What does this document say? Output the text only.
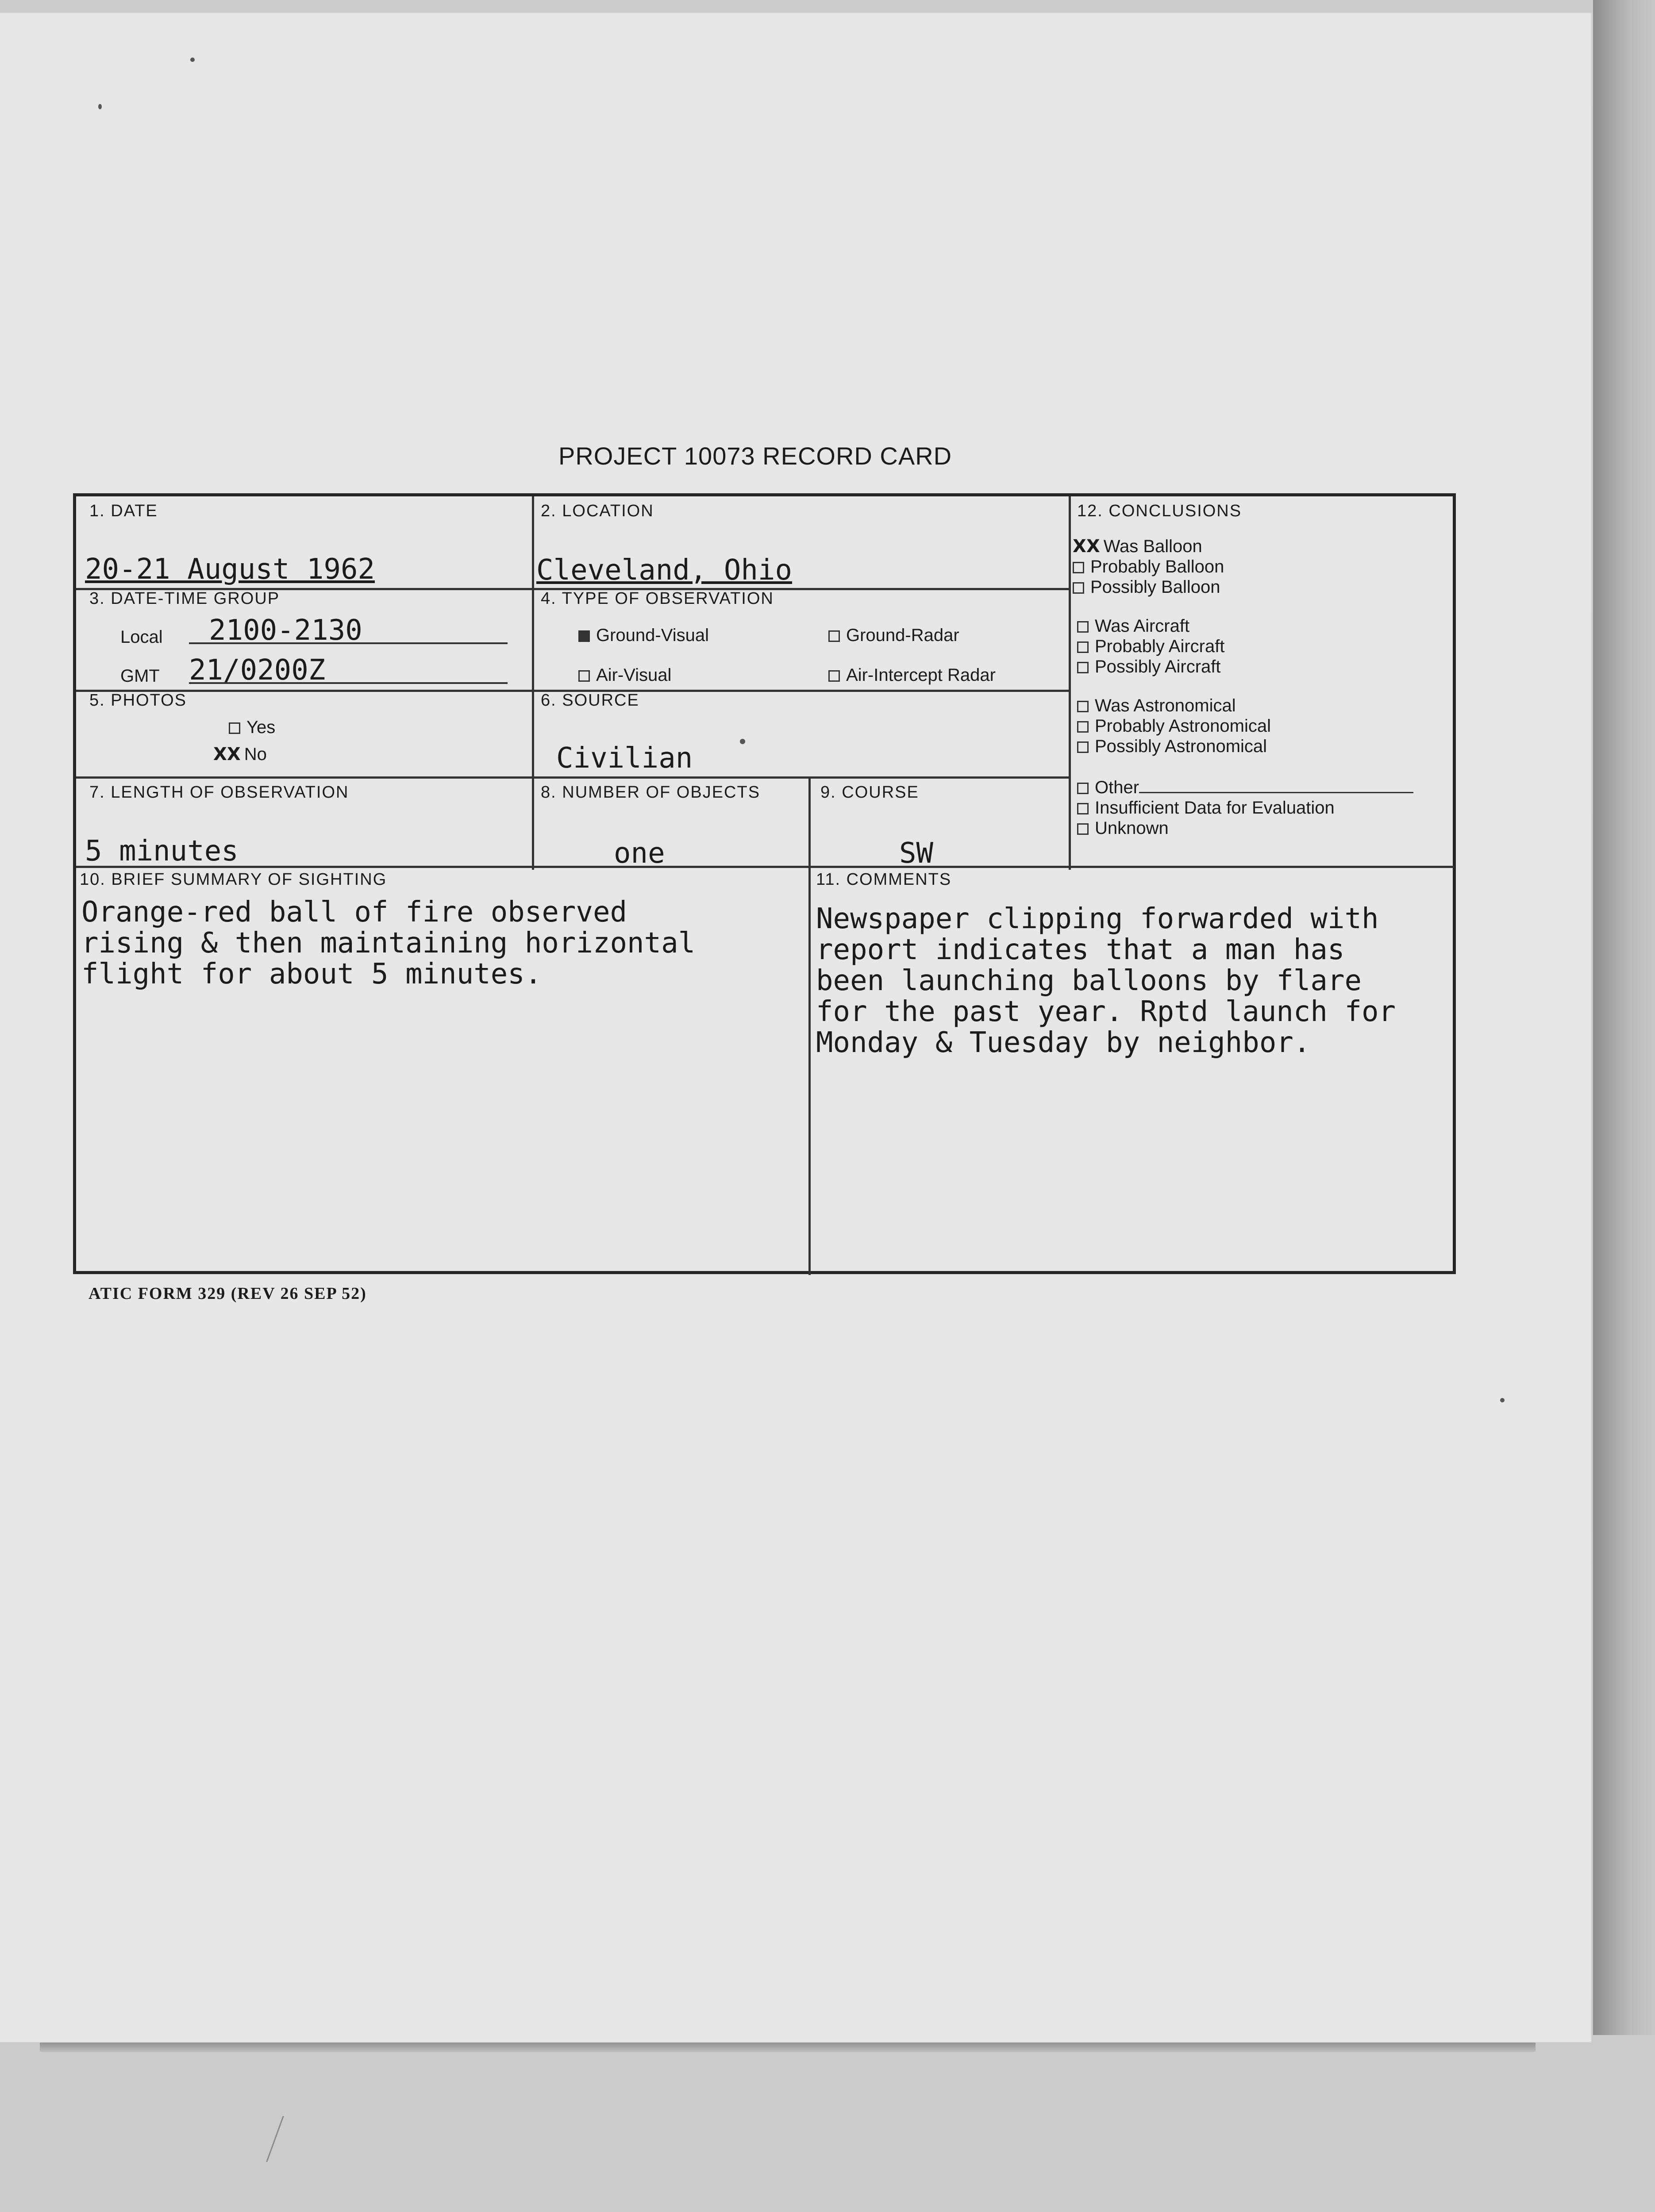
PROJECT 10073 RECORD CARD
1. DATE
20-21 August 1962
2. LOCATION
Cleveland, Ohio
3. DATE-TIME GROUP
Local 2100-2130
GMT 21/0200Z
4. TYPE OF OBSERVATION
Ground-Visual	Ground-Radar
Air-Visual	Air-Intercept Radar
5. PHOTOS
Yes
XX No
6. SOURCE
Civilian
7. LENGTH OF OBSERVATION
5 minutes
8. NUMBER OF OBJECTS
one
9. COURSE
SW
10. BRIEF SUMMARY OF SIGHTING
Orange-red ball of fire observed
rising & then maintaining horizontal
flight for about 5 minutes.
11. COMMENTS
Newspaper clipping forwarded with
report indicates that a man has
been launching balloons by flare
for the past year. Rptd launch for
Monday & Tuesday by neighbor.
12. CONCLUSIONS
XX Was Balloon
Probably Balloon
Possibly Balloon
Was Aircraft
Probably Aircraft
Possibly Aircraft
Was Astronomical
Probably Astronomical
Possibly Astronomical
Other
Insufficient Data for Evaluation
Unknown
ATIC FORM 329 (REV 26 SEP 52)
